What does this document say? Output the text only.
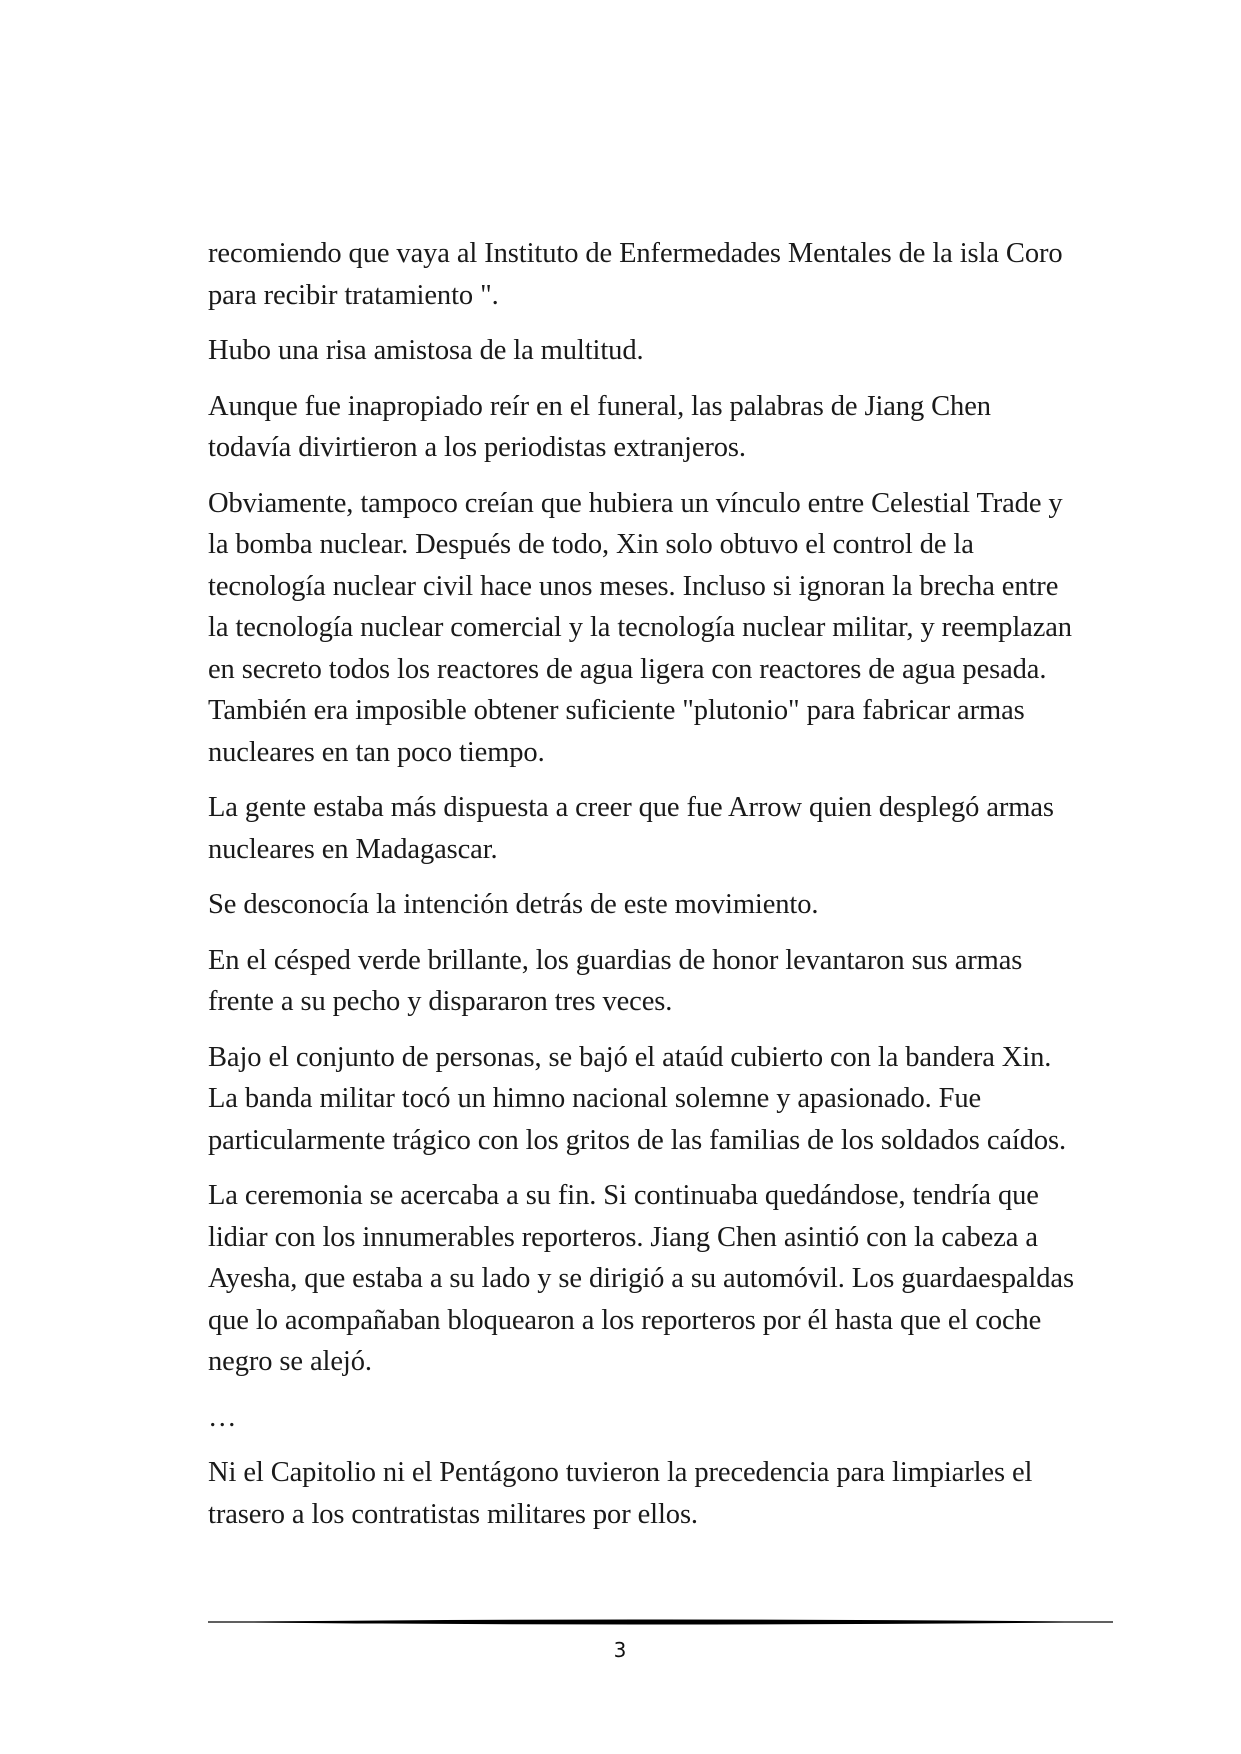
recomiendo que vaya al Instituto de Enfermedades Mentales de la isla Coro para recibir tratamiento ".

Hubo una risa amistosa de la multitud.

Aunque fue inapropiado reír en el funeral, las palabras de Jiang Chen todavía divirtieron a los periodistas extranjeros.

Obviamente, tampoco creían que hubiera un vínculo entre Celestial Trade y la bomba nuclear. Después de todo, Xin solo obtuvo el control de la tecnología nuclear civil hace unos meses. Incluso si ignoran la brecha entre la tecnología nuclear comercial y la tecnología nuclear militar, y reemplazan en secreto todos los reactores de agua ligera con reactores de agua pesada. También era imposible obtener suficiente "plutonio" para fabricar armas nucleares en tan poco tiempo.

La gente estaba más dispuesta a creer que fue Arrow quien desplegó armas nucleares en Madagascar.

Se desconocía la intención detrás de este movimiento.

En el césped verde brillante, los guardias de honor levantaron sus armas frente a su pecho y dispararon tres veces.

Bajo el conjunto de personas, se bajó el ataúd cubierto con la bandera Xin. La banda militar tocó un himno nacional solemne y apasionado. Fue particularmente trágico con los gritos de las familias de los soldados caídos.

La ceremonia se acercaba a su fin. Si continuaba quedándose, tendría que lidiar con los innumerables reporteros. Jiang Chen asintió con la cabeza a Ayesha, que estaba a su lado y se dirigió a su automóvil. Los guardaespaldas que lo acompañaban bloquearon a los reporteros por él hasta que el coche negro se alejó.

…

Ni el Capitolio ni el Pentágono tuvieron la precedencia para limpiarles el trasero a los contratistas militares por ellos.

3
